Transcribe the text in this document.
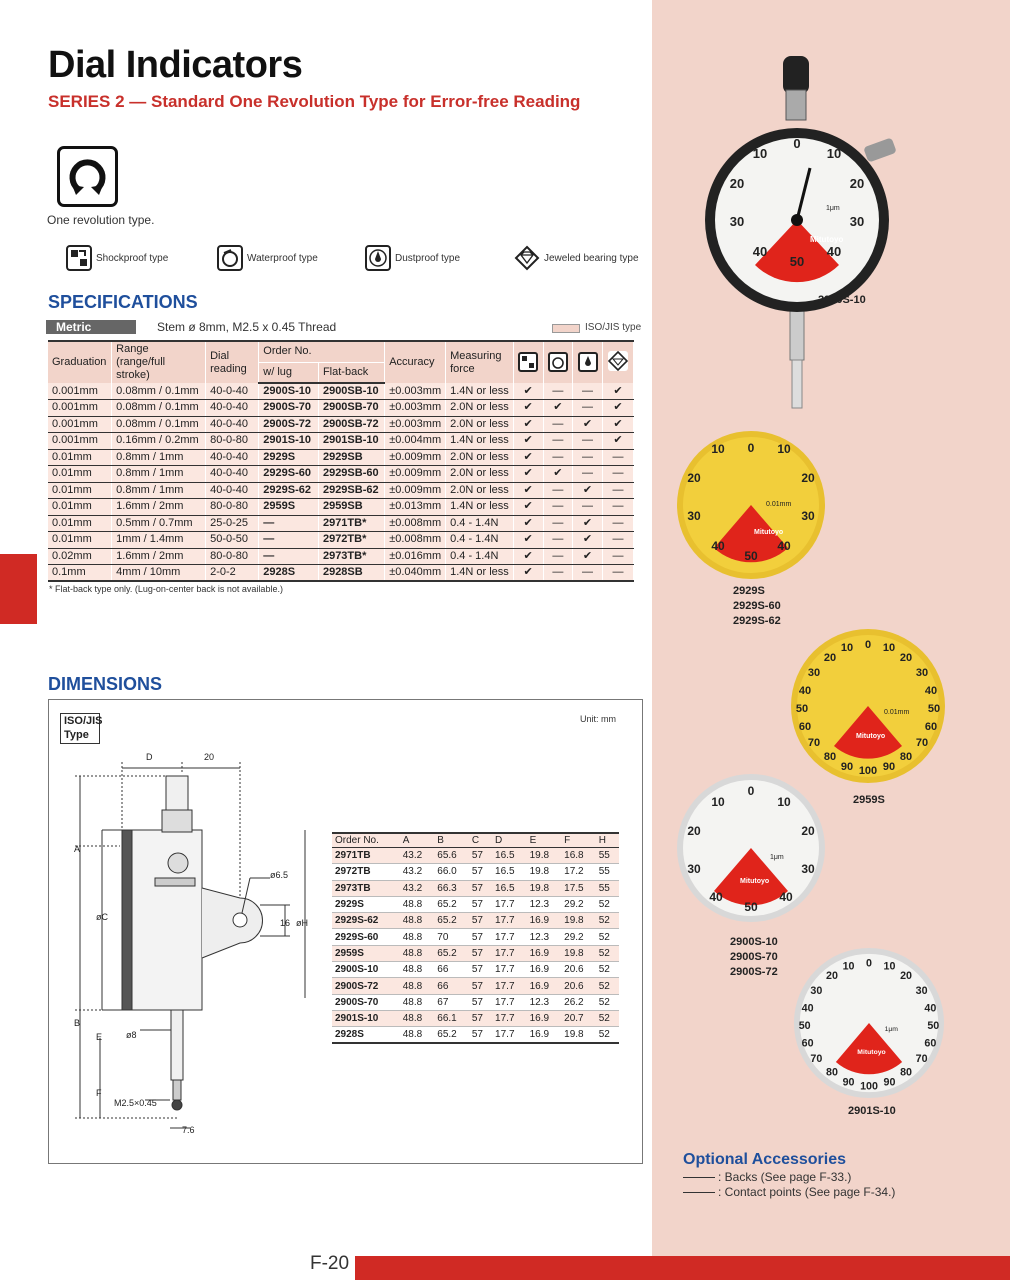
F-20
Dial Indicators
SERIES 2 — Standard One Revolution Type for Error-free Reading
One revolution type.
Shockproof type	Waterproof type	Dustproof type	Jeweled bearing type
SPECIFICATIONS
Metric	Stem ø 8mm, M2.5 x 0.45 Thread	ISO/JIS type
Graduation	Range
(range/full stroke)	Dial
reading	Order No.		Accuracy	Measuring
force				
			w/ lug	Flat-back						
0.001mm	0.08mm / 0.1mm	40-0-40	2900S-10	2900SB-10	±0.003mm	1.4N or less	✔	—	—	✔
0.001mm	0.08mm / 0.1mm	40-0-40	2900S-70	2900SB-70	±0.003mm	2.0N or less	✔	✔	—	✔
0.001mm	0.08mm / 0.1mm	40-0-40	2900S-72	2900SB-72	±0.003mm	2.0N or less	✔	—	✔	✔
0.001mm	0.16mm / 0.2mm	80-0-80	2901S-10	2901SB-10	±0.004mm	1.4N or less	✔	—	—	✔
0.01mm	0.8mm / 1mm	40-0-40	2929S	2929SB	±0.009mm	2.0N or less	✔	—	—	—
0.01mm	0.8mm / 1mm	40-0-40	2929S-60	2929SB-60	±0.009mm	2.0N or less	✔	✔	—	—
0.01mm	0.8mm / 1mm	40-0-40	2929S-62	2929SB-62	±0.009mm	2.0N or less	✔	—	✔	—
0.01mm	1.6mm / 2mm	80-0-80	2959S	2959SB	±0.013mm	1.4N or less	✔	—	—	—
0.01mm	0.5mm / 0.7mm	25-0-25	—	2971TB*	±0.008mm	0.4 - 1.4N	✔	—	✔	—
0.01mm	1mm / 1.4mm	50-0-50	—	2972TB*	±0.008mm	0.4 - 1.4N	✔	—	✔	—
0.02mm	1.6mm / 2mm	80-0-80	—	2973TB*	±0.016mm	0.4 - 1.4N	✔	—	✔	—
0.1mm	4mm / 10mm	2-0-2	2928S	2928SB	±0.040mm	1.4N or less	✔	—	—	—
* Flat-back type only. (Lug-on-center back is not available.)
DIMENSIONS
ISO/JIS
Type
Unit: mm
D	20
A
øC
B
E
F
ø6.5
16 øH
ø8
M2.5×0.45
7.6
Order No.	A	B	C	D	E	F	H
2971TB	43.2	65.6	57	16.5	19.8	16.8	55
2972TB	43.2	66.0	57	16.5	19.8	17.2	55
2973TB	43.2	66.3	57	16.5	19.8	17.5	55
2929S	48.8	65.2	57	17.7	12.3	29.2	52
2929S-62	48.8	65.2	57	17.7	16.9	19.8	52
2929S-60	48.8	70	57	17.7	12.3	29.2	52
2959S	48.8	65.2	57	17.7	16.9	19.8	52
2900S-10	48.8	66	57	17.7	16.9	20.6	52
2900S-72	48.8	66	57	17.7	16.9	20.6	52
2900S-70	48.8	67	57	17.7	12.3	26.2	52
2901S-10	48.8	66.1	57	17.7	16.9	20.7	52
2928S	48.8	65.2	57	17.7	16.9	19.8	52
0
10	10
20	20
30	30
40	40
50
Mitutoyo
1μm
2900S-10
0
10	10
20	20
30	30
40	40
50
0.01mm
Mitutoyo
2929S
2929S-60
2929S-62
0
10	10
20	20
30	30
40	40
50	50
60	60
70	70
80	80
90 100 90
0.01mm
Mitutoyo
2959S
0
10	10
20	20
30	30
40	40
50
1μm
Mitutoyo
2900S-10
2900S-70
2900S-72
0
10	10
20	20
30	30
40	40
50	50
60	60
70	70
80	80
90 100 90
1μm
Mitutoyo
2901S-10
Optional Accessories
: Backs (See page F-33.)
: Contact points (See page F-34.)
